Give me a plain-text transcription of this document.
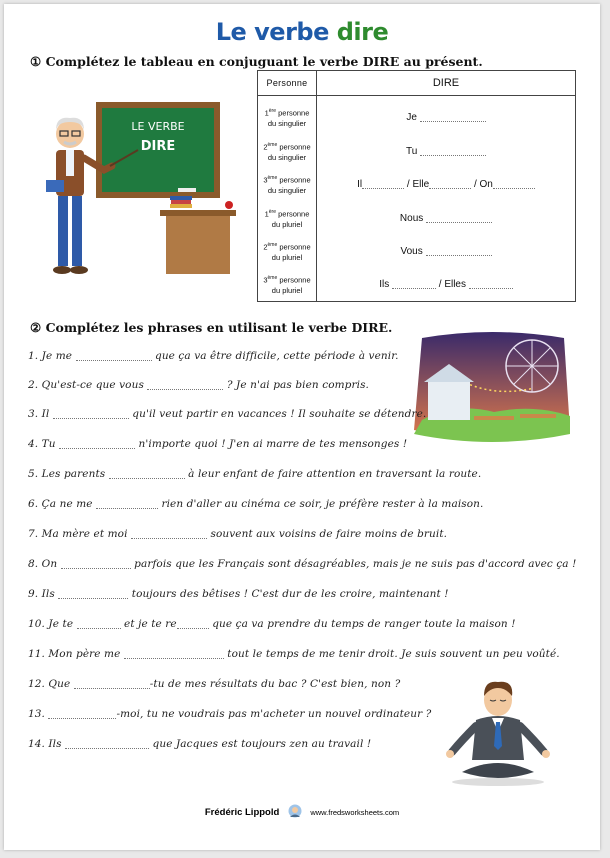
Le verbe dire
① Complétez le tableau en conjuguant le verbe DIRE au présent.
LE VERBE
DIRE
Personne	DIRE
1ère personne
du singulier	Je
2ème personne
du singulier	Tu
3ème personne
du singulier	Il	/ Elle	/ On
1ère personne
du pluriel	Nous
2ème personne
du pluriel	Vous
3ème personne
du pluriel	Ils	/ Elles
② Complétez les phrases en utilisant le verbe DIRE.
1. Je me	que ça va être difficile, cette période à venir.
2. Qu'est-ce que vous	? Je n'ai pas bien compris.
3. Il	qu'il veut partir en vacances ! Il souhaite se détendre.
4. Tu	n'importe quoi ! J'en ai marre de tes mensonges !
5. Les parents	à leur enfant de faire attention en traversant la route.
6. Ça ne me	rien d'aller au cinéma ce soir, je préfère rester à la maison.
7. Ma mère et moi	souvent aux voisins de faire moins de bruit.
8. On	parfois que les Français sont désagréables, mais je ne suis pas d'accord avec ça !
9. Ils	toujours des bêtises ! C'est dur de les croire, maintenant !
10. Je te	et je te re	que ça va prendre du temps de ranger toute la maison !
11. Mon père me	tout le temps de me tenir droit. Je suis souvent un peu voûté.
12. Que	-tu de mes résultats du bac ? C'est bien, non ?
13.	-moi, tu ne voudrais pas m'acheter un nouvel ordinateur ?
14. Ils	que Jacques est toujours zen au travail !
Frédéric Lippold	www.fredsworksheets.com
